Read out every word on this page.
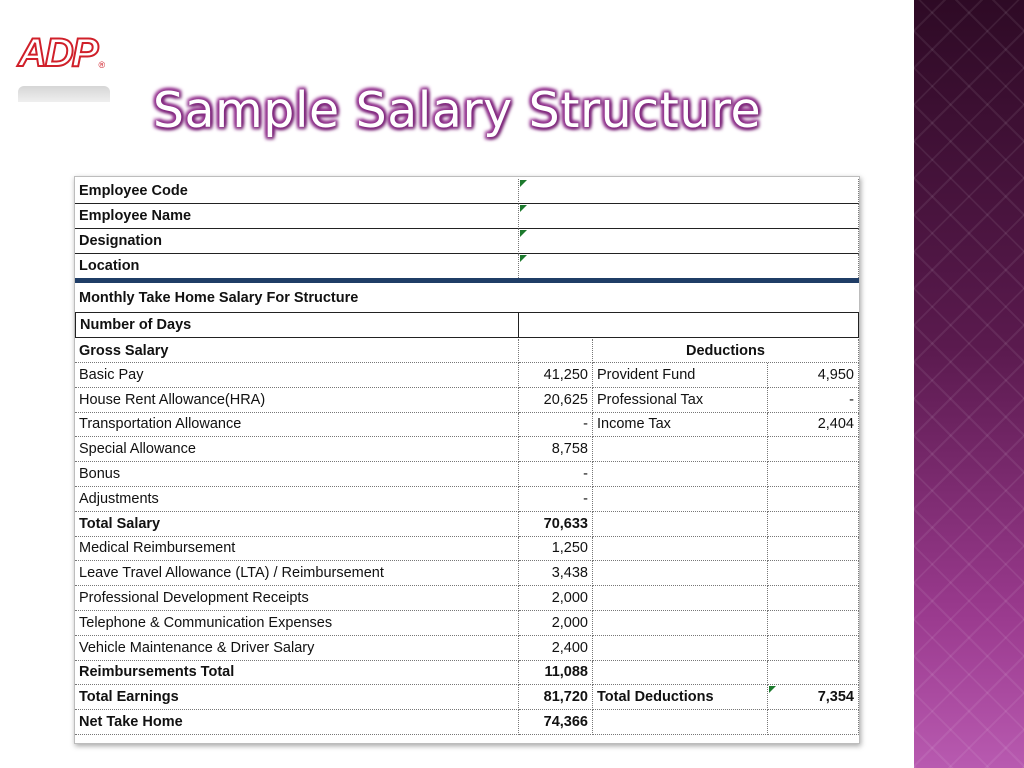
ADP ®
Sample Salary Structure
Employee Code
Employee Name
Designation
Location
Monthly Take Home Salary For Structure
Number of Days
Gross Salary	Deductions
Basic Pay	41,250 Provident Fund	4,950
House Rent Allowance(HRA)	20,625 Professional Tax	-
Transportation Allowance	- Income Tax	2,404
Special Allowance	8,758
Bonus	-
Adjustments	-
Total Salary	70,633
Medical Reimbursement	1,250
Leave Travel Allowance (LTA) / Reimbursement	3,438
Professional Development Receipts	2,000
Telephone & Communication Expenses	2,000
Vehicle Maintenance & Driver Salary	2,400
Reimbursements Total	11,088
Total Earnings	81,720 Total Deductions	7,354
Net Take Home	74,366
